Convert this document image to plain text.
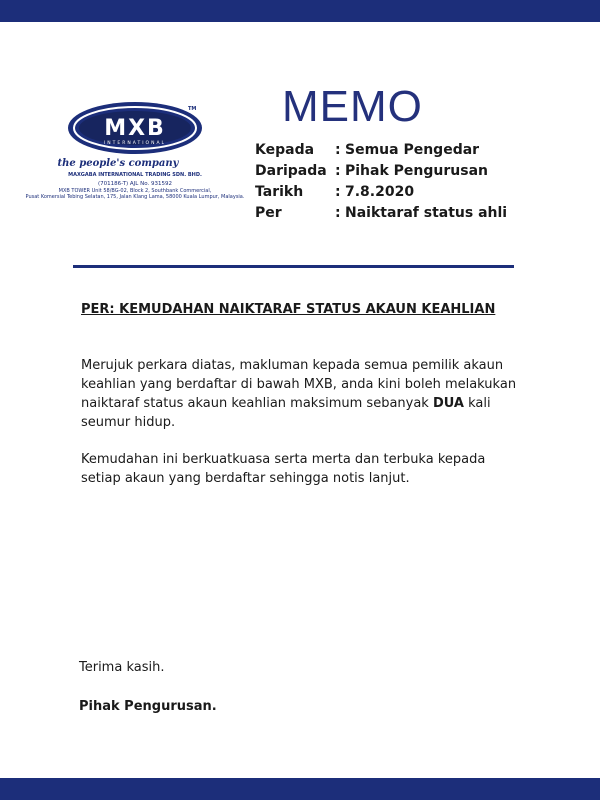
MXB
INTERNATIONAL
TM
the people's company
MAXGABA INTERNATIONAL TRADING SDN. BHD.
(701186-T) AJL No. 931592
MXB TOWER Unit 58/BG-02, Block 2, Southbank Commercial,
Pusat Komersial Tebing Selatan, 175, Jalan Klang Lama, 58000 Kuala Lumpur, Malaysia.
MEMO
Kepada	: Semua Pengedar
Daripada : Pihak Pengurusan
Tarikh	: 7.8.2020
Per	: Naiktaraf status ahli

PER: KEMUDAHAN NAIKTARAF STATUS AKAUN KEAHLIAN

Merujuk perkara diatas, makluman kepada semua pemilik akaun keahlian yang berdaftar di bawah MXB, anda kini boleh melakukan naiktaraf status akaun keahlian maksimum sebanyak DUA kali seumur hidup.

Kemudahan ini berkuatkuasa serta merta dan terbuka kepada setiap akaun yang berdaftar sehingga notis lanjut.

Terima kasih.

Pihak Pengurusan.
